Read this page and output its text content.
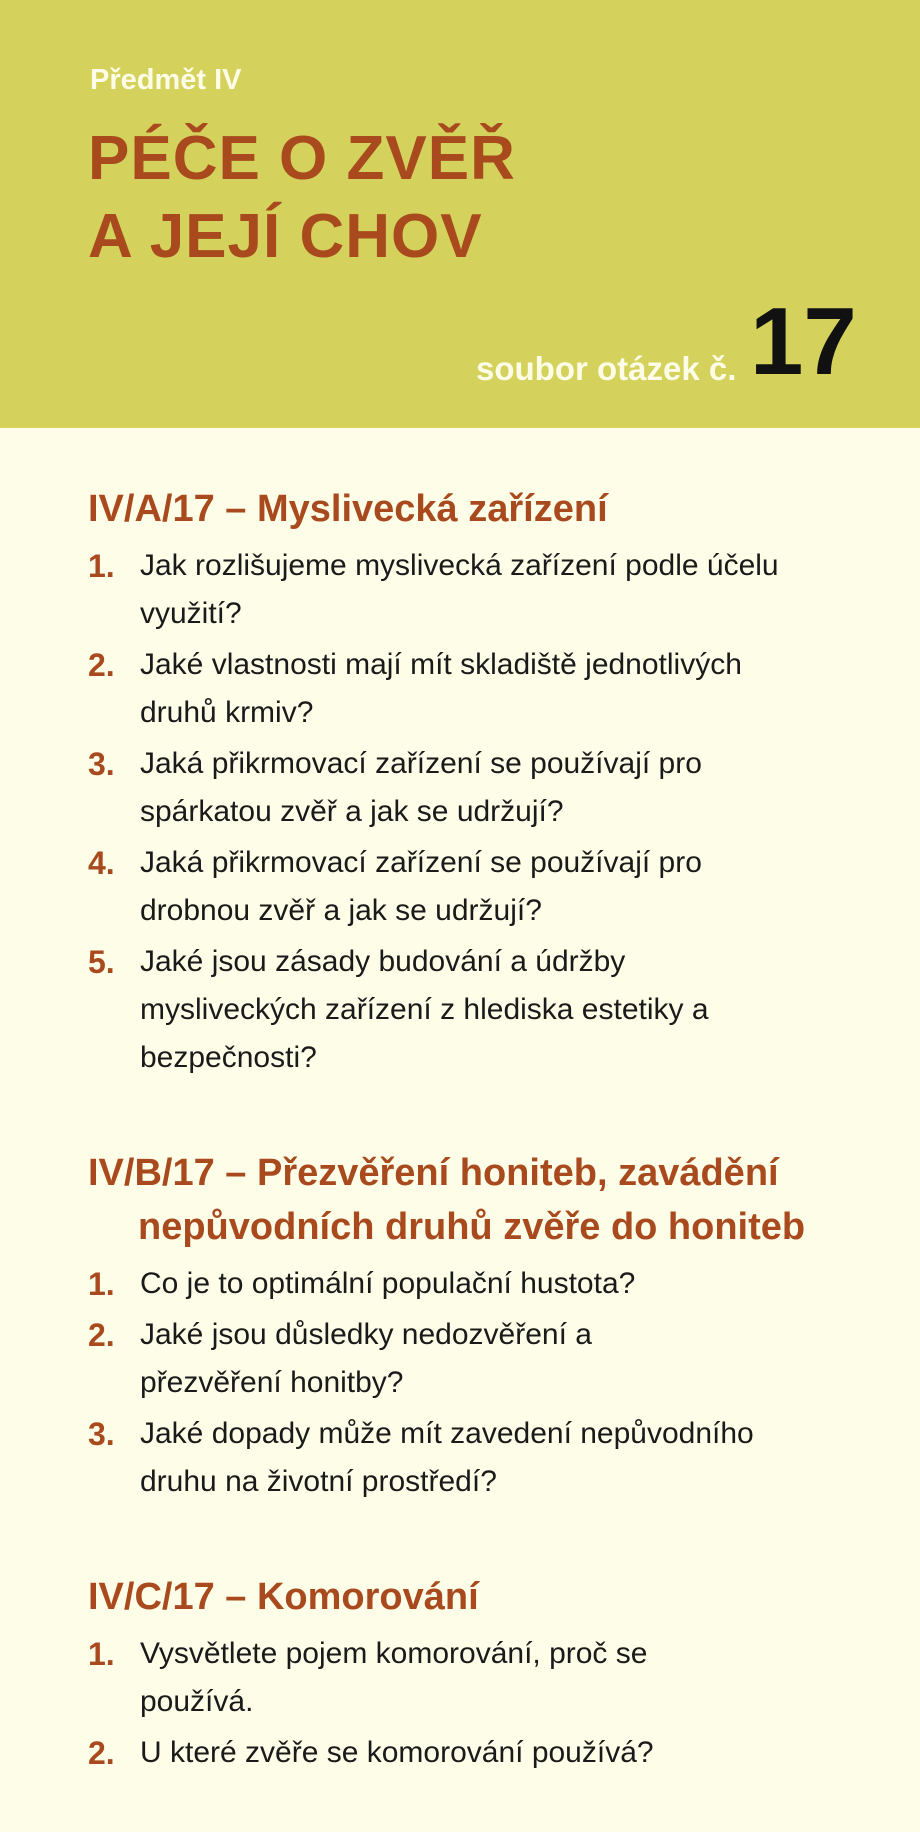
Předmět IV
PÉČE O ZVĚŘ
A JEJÍ CHOV
soubor otázek č. 17
IV/A/17 – Myslivecká zařízení
1 . Jak rozlišujeme myslivecká zařízení podle účelu využití?
2 . Jaké vlastnosti mají mít skladiště jednotlivých druhů krmiv?
3 . Jaká přikrmovací zařízení se používají pro spárkatou zvěř a jak se udržují?
4 . Jaká přikrmovací zařízení se používají pro drobnou zvěř a jak se udržují?
5 . Jaké jsou zásady budování a údržby mysliveckých zařízení z hlediska estetiky a bezpečnosti?
IV/B/17 – Přezvěření honiteb, zavádění nepůvodních druhů zvěře do honiteb
1 . Co je to optimální populační hustota?
2 . Jaké jsou důsledky nedozvěření a přezvěření honitby?
3 . Jaké dopady může mít zavedení nepůvodního druhu na životní prostředí?
IV/C/17 – Komorování
1 . Vysvětlete pojem komorování, proč se používá.
2 . U které zvěře se komorování používá?
